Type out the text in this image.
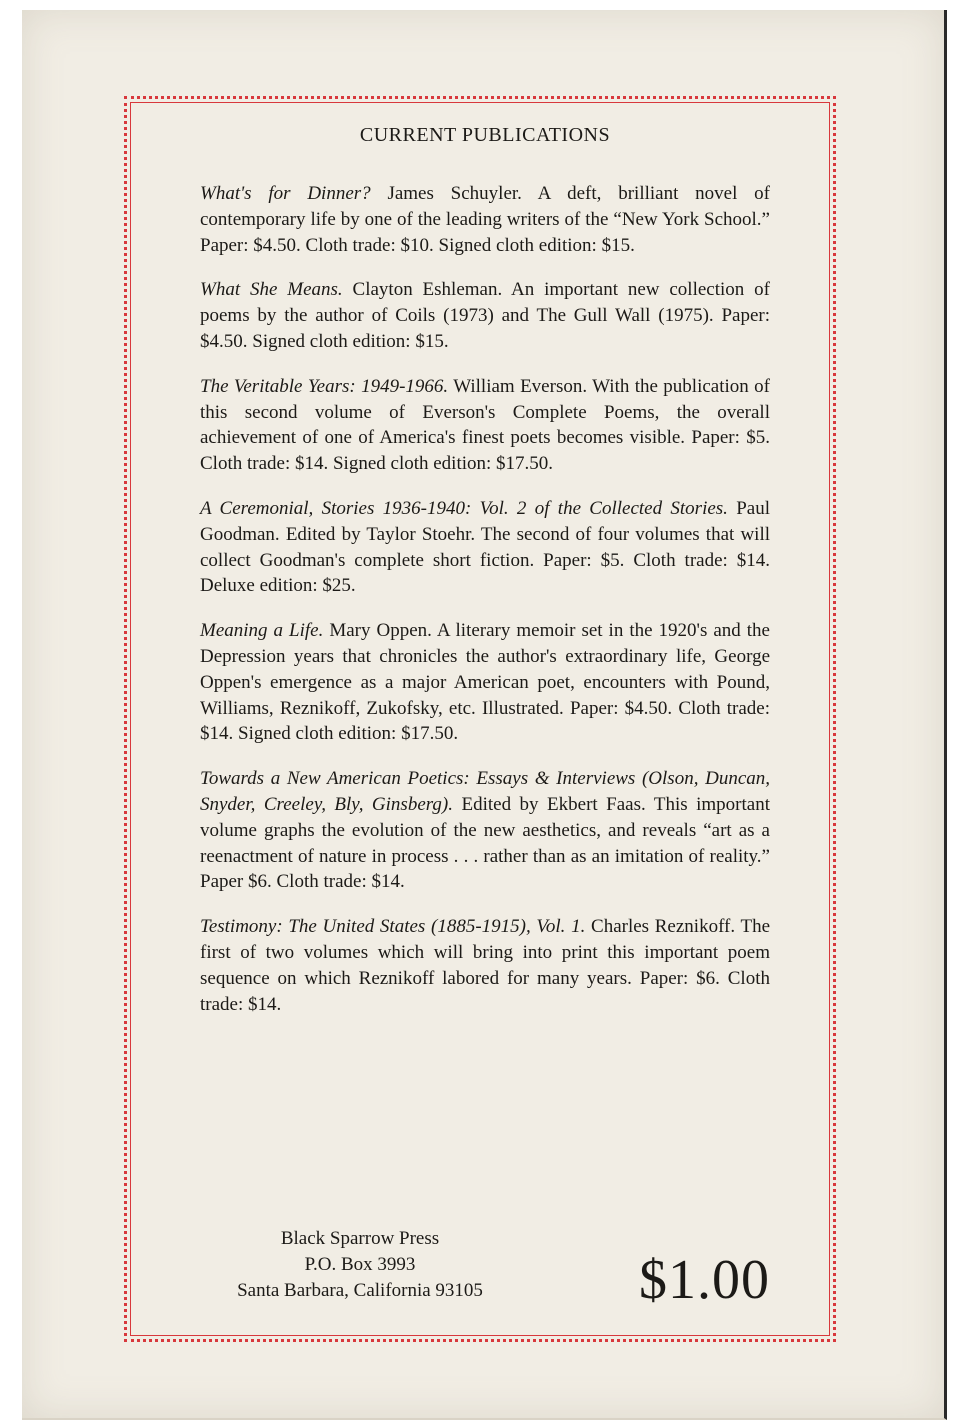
CURRENT PUBLICATIONS

What's for Dinner? James Schuyler. A deft, brilliant novel of contemporary life by one of the leading writers of the “New York School.” Paper: $4.50. Cloth trade: $10. Signed cloth edition: $15.

What She Means. Clayton Eshleman. An important new collection of poems by the author of Coils (1973) and The Gull Wall (1975). Paper: $4.50. Signed cloth edition: $15.

The Veritable Years: 1949-1966. William Everson. With the publication of this second volume of Everson's Complete Poems, the overall achievement of one of America's finest poets becomes visible. Paper: $5. Cloth trade: $14. Signed cloth edition: $17.50.

A Ceremonial, Stories 1936-1940: Vol. 2 of the Collected Stories. Paul Goodman. Edited by Taylor Stoehr. The second of four volumes that will collect Goodman's complete short fiction. Paper: $5. Cloth trade: $14. Deluxe edition: $25.

Meaning a Life. Mary Oppen. A literary memoir set in the 1920's and the Depression years that chronicles the author's extraordinary life, George Oppen's emergence as a major American poet, encounters with Pound, Williams, Reznikoff, Zukofsky, etc. Illustrated. Paper: $4.50. Cloth trade: $14. Signed cloth edition: $17.50.

Towards a New American Poetics: Essays & Interviews (Olson, Duncan, Snyder, Creeley, Bly, Ginsberg). Edited by Ekbert Faas. This important volume graphs the evolution of the new aesthetics, and reveals “art as a reenactment of nature in process . . . rather than as an imitation of reality.” Paper $6. Cloth trade: $14.

Testimony: The United States (1885-1915), Vol. 1. Charles Reznikoff. The first of two volumes which will bring into print this important poem sequence on which Reznikoff labored for many years. Paper: $6. Cloth trade: $14.

Black Sparrow Press
P.O. Box 3993
Santa Barbara, California 93105	$1.00
